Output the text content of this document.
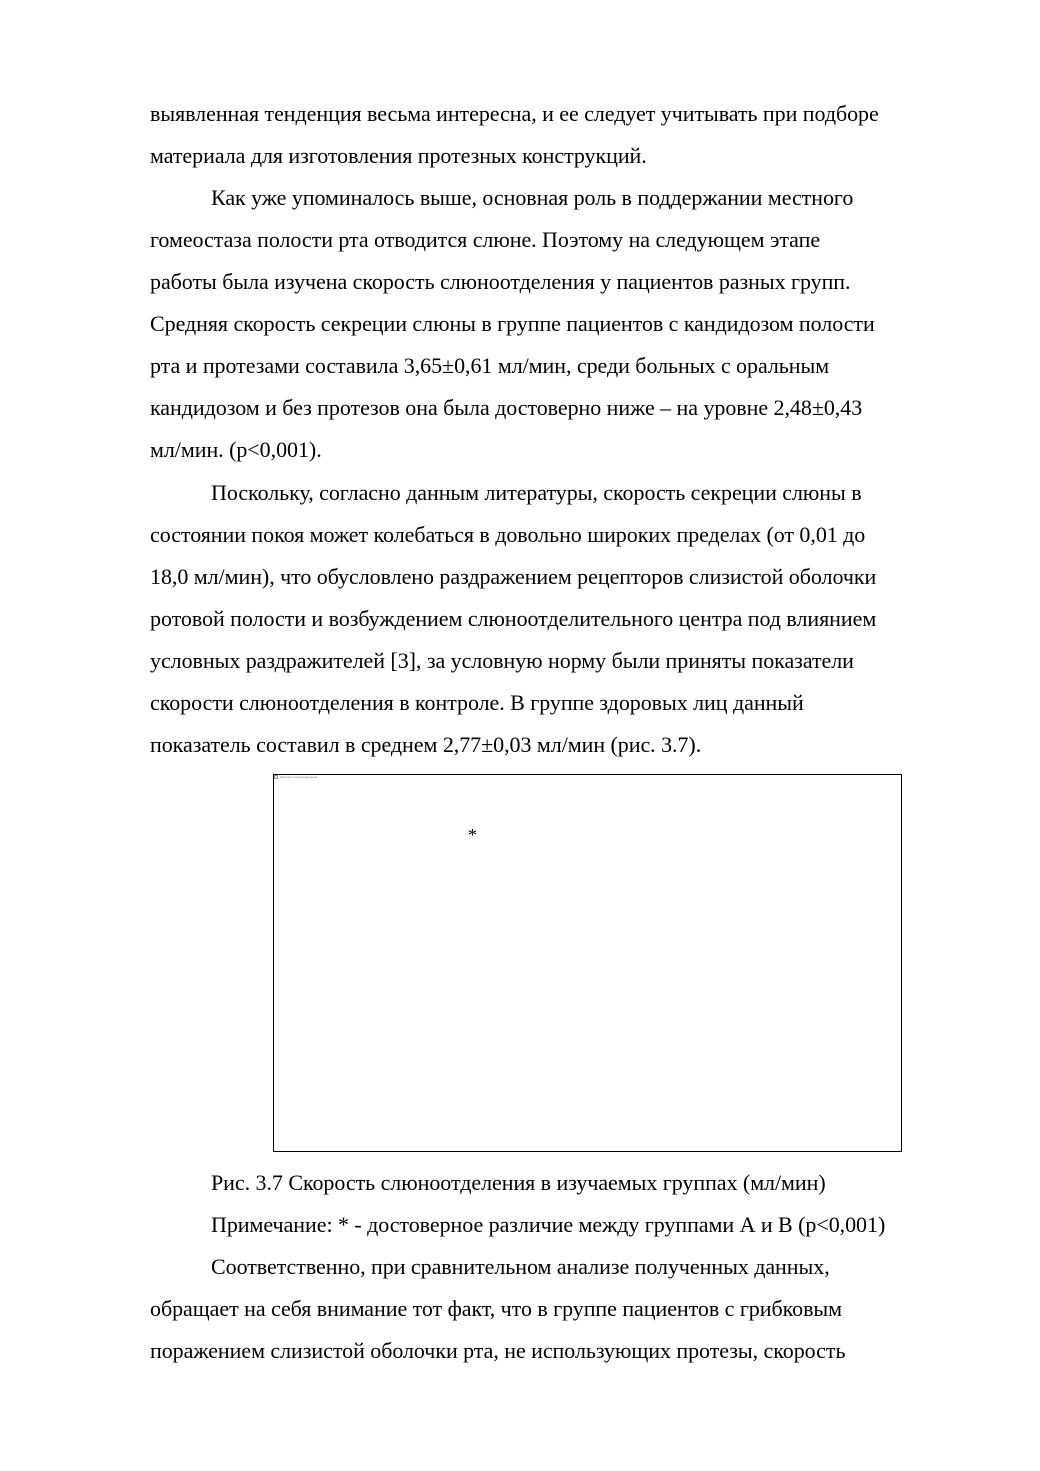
выявленная тенденция весьма интересна, и ее следует учитывать при подборе
материала для изготовления протезных конструкций.
Как уже упоминалось выше, основная роль в поддержании местного
гомеостаза полости рта отводится слюне. Поэтому на следующем этапе
работы была изучена скорость слюноотделения у пациентов разных групп.
Средняя скорость секреции слюны в группе пациентов с кандидозом полости
рта и протезами составила 3,65±0,61 мл/мин, среди больных с оральным
кандидозом и без протезов она была достоверно ниже – на уровне 2,48±0,43
мл/мин. (р<0,001).
Поскольку, согласно данным литературы, скорость секреции слюны в
состоянии покоя может колебаться в довольно широких пределах (от 0,01 до
18,0 мл/мин), что обусловлено раздражением рецепторов слизистой оболочки
ротовой полости и возбуждением слюноотделительного центра под влиянием
условных раздражителей [3], за условную норму были приняты показатели
скорости слюноотделения в контроле. В группе здоровых лиц данный
показатель составил в среднем 2,77±0,03 мл/мин (рис. 3.7).
Скорость слюноотделения
*
Рис. 3.7 Скорость слюноотделения в изучаемых группах (мл/мин)
Примечание: * - достоверное различие между группами А и В (р<0,001)
Соответственно, при сравнительном анализе полученных данных,
обращает на себя внимание тот факт, что в группе пациентов с грибковым
поражением слизистой оболочки рта, не использующих протезы, скорость
